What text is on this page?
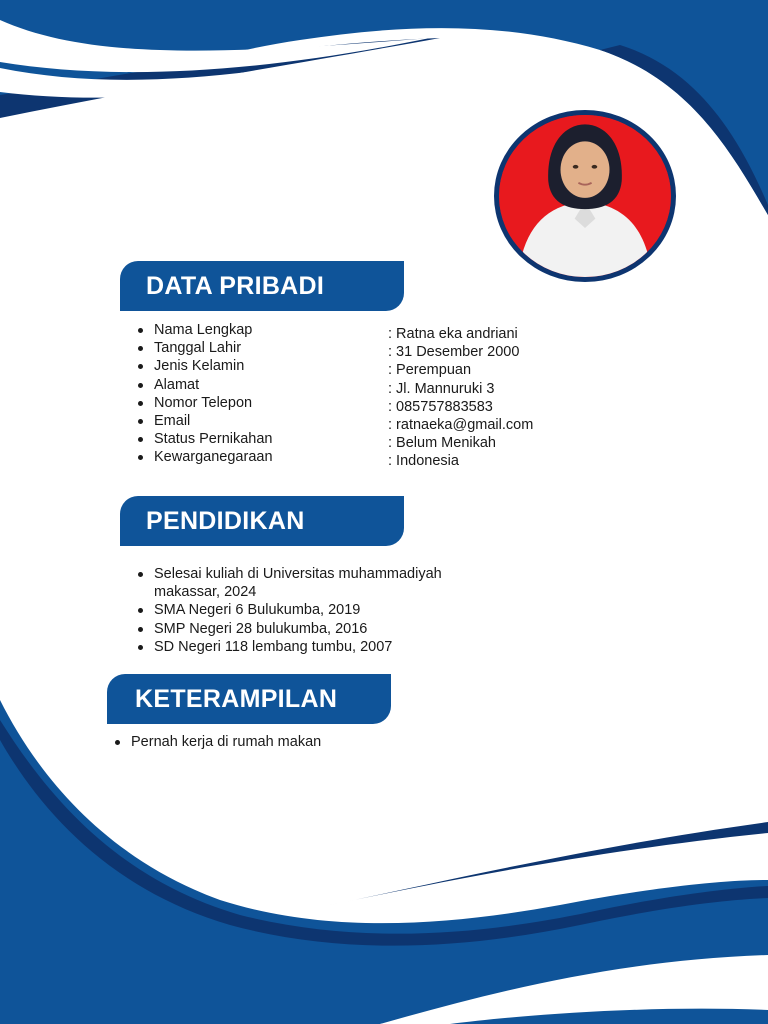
DATA PRIBADI
Nama Lengkap
Tanggal Lahir
Jenis Kelamin
Alamat
Nomor Telepon
Email
Status Pernikahan
Kewarganegaraan
: Ratna eka andriani
: 31 Desember 2000
: Perempuan
: Jl. Mannuruki 3
: 085757883583
: ratnaeka@gmail.com
: Belum Menikah
: Indonesia
PENDIDIKAN
Selesai kuliah di Universitas muhammadiyah makassar, 2024
SMA Negeri 6 Bulukumba, 2019
SMP Negeri 28 bulukumba, 2016
SD Negeri 118 lembang tumbu, 2007
KETERAMPILAN
Pernah kerja di rumah makan
